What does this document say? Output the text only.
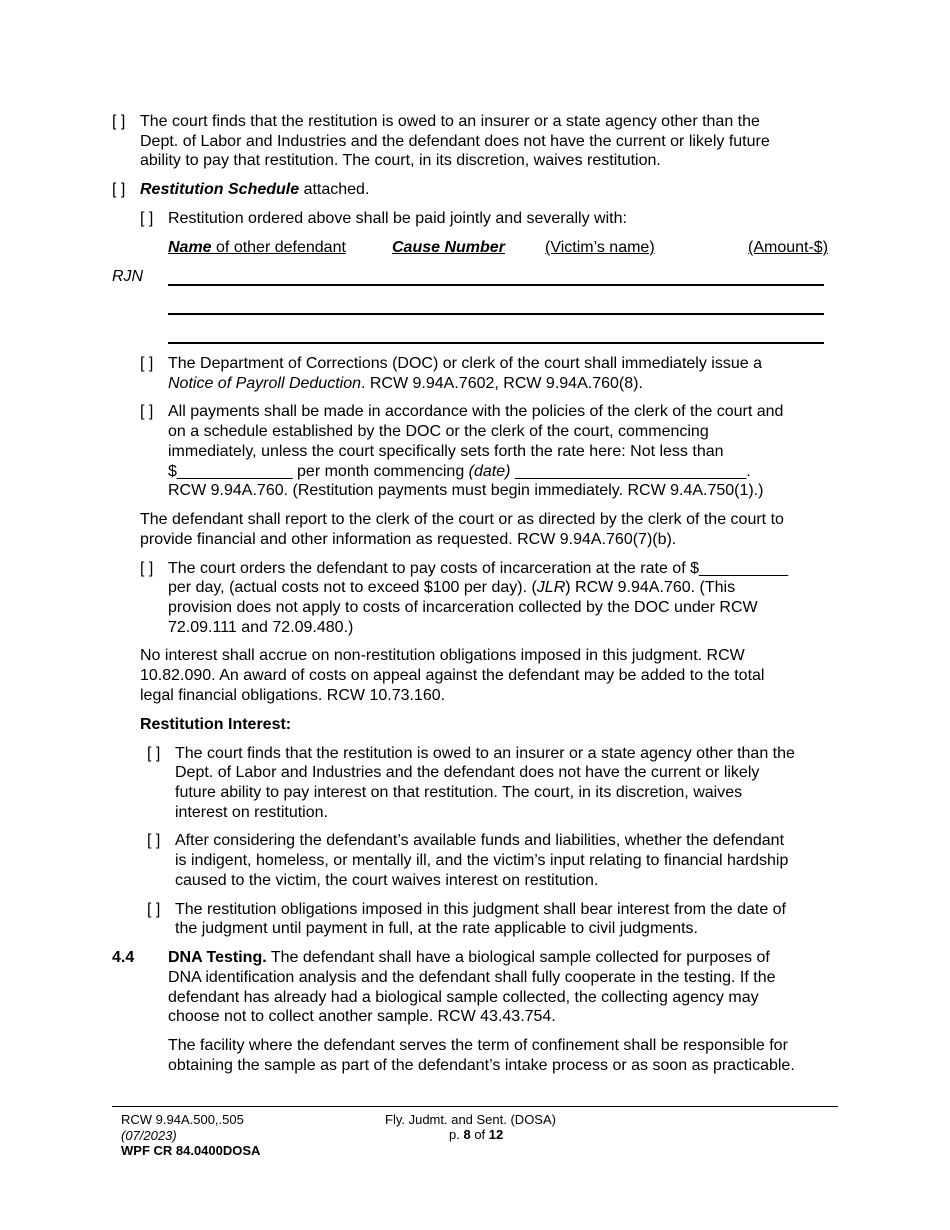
[ ] The court finds that the restitution is owed to an insurer or a state agency other than the
Dept. of Labor and Industries and the defendant does not have the current or likely future
ability to pay that restitution. The court, in its discretion, waives restitution.
[ ] Restitution Schedule attached.
[ ] Restitution ordered above shall be paid jointly and severally with:
Name of other defendant	Cause Number	(Victim’s name)	(Amount-$)
RJN
[ ] The Department of Corrections (DOC) or clerk of the court shall immediately issue a
Notice of Payroll Deduction. RCW 9.94A.7602, RCW 9.94A.760(8).
[ ] All payments shall be made in accordance with the policies of the clerk of the court and
on a schedule established by the DOC or the clerk of the court, commencing
immediately, unless the court specifically sets forth the rate here: Not less than
$_____________ per month commencing (date) __________________________.
RCW 9.94A.760. (Restitution payments must begin immediately. RCW 9.4A.750(1).)
The defendant shall report to the clerk of the court or as directed by the clerk of the court to
provide financial and other information as requested. RCW 9.94A.760(7)(b).
[ ] The court orders the defendant to pay costs of incarceration at the rate of $__________
per day, (actual costs not to exceed $100 per day). (JLR) RCW 9.94A.760. (This
provision does not apply to costs of incarceration collected by the DOC under RCW
72.09.111 and 72.09.480.)
No interest shall accrue on non-restitution obligations imposed in this judgment. RCW
10.82.090. An award of costs on appeal against the defendant may be added to the total
legal financial obligations. RCW 10.73.160.
Restitution Interest:
[ ] The court finds that the restitution is owed to an insurer or a state agency other than the
Dept. of Labor and Industries and the defendant does not have the current or likely
future ability to pay interest on that restitution. The court, in its discretion, waives
interest on restitution.
[ ] After considering the defendant’s available funds and liabilities, whether the defendant
is indigent, homeless, or mentally ill, and the victim’s input relating to financial hardship
caused to the victim, the court waives interest on restitution.
[ ] The restitution obligations imposed in this judgment shall bear interest from the date of
the judgment until payment in full, at the rate applicable to civil judgments.
4.4 DNA Testing. The defendant shall have a biological sample collected for purposes of
DNA identification analysis and the defendant shall fully cooperate in the testing. If the
defendant has already had a biological sample collected, the collecting agency may
choose not to collect another sample. RCW 43.43.754.
The facility where the defendant serves the term of confinement shall be responsible for
obtaining the sample as part of the defendant’s intake process or as soon as practicable.
RCW 9.94A.500,.505
(07/2023)
WPF CR 84.0400DOSA
Fly. Judmt. and Sent. (DOSA)
p. 8 of 12
